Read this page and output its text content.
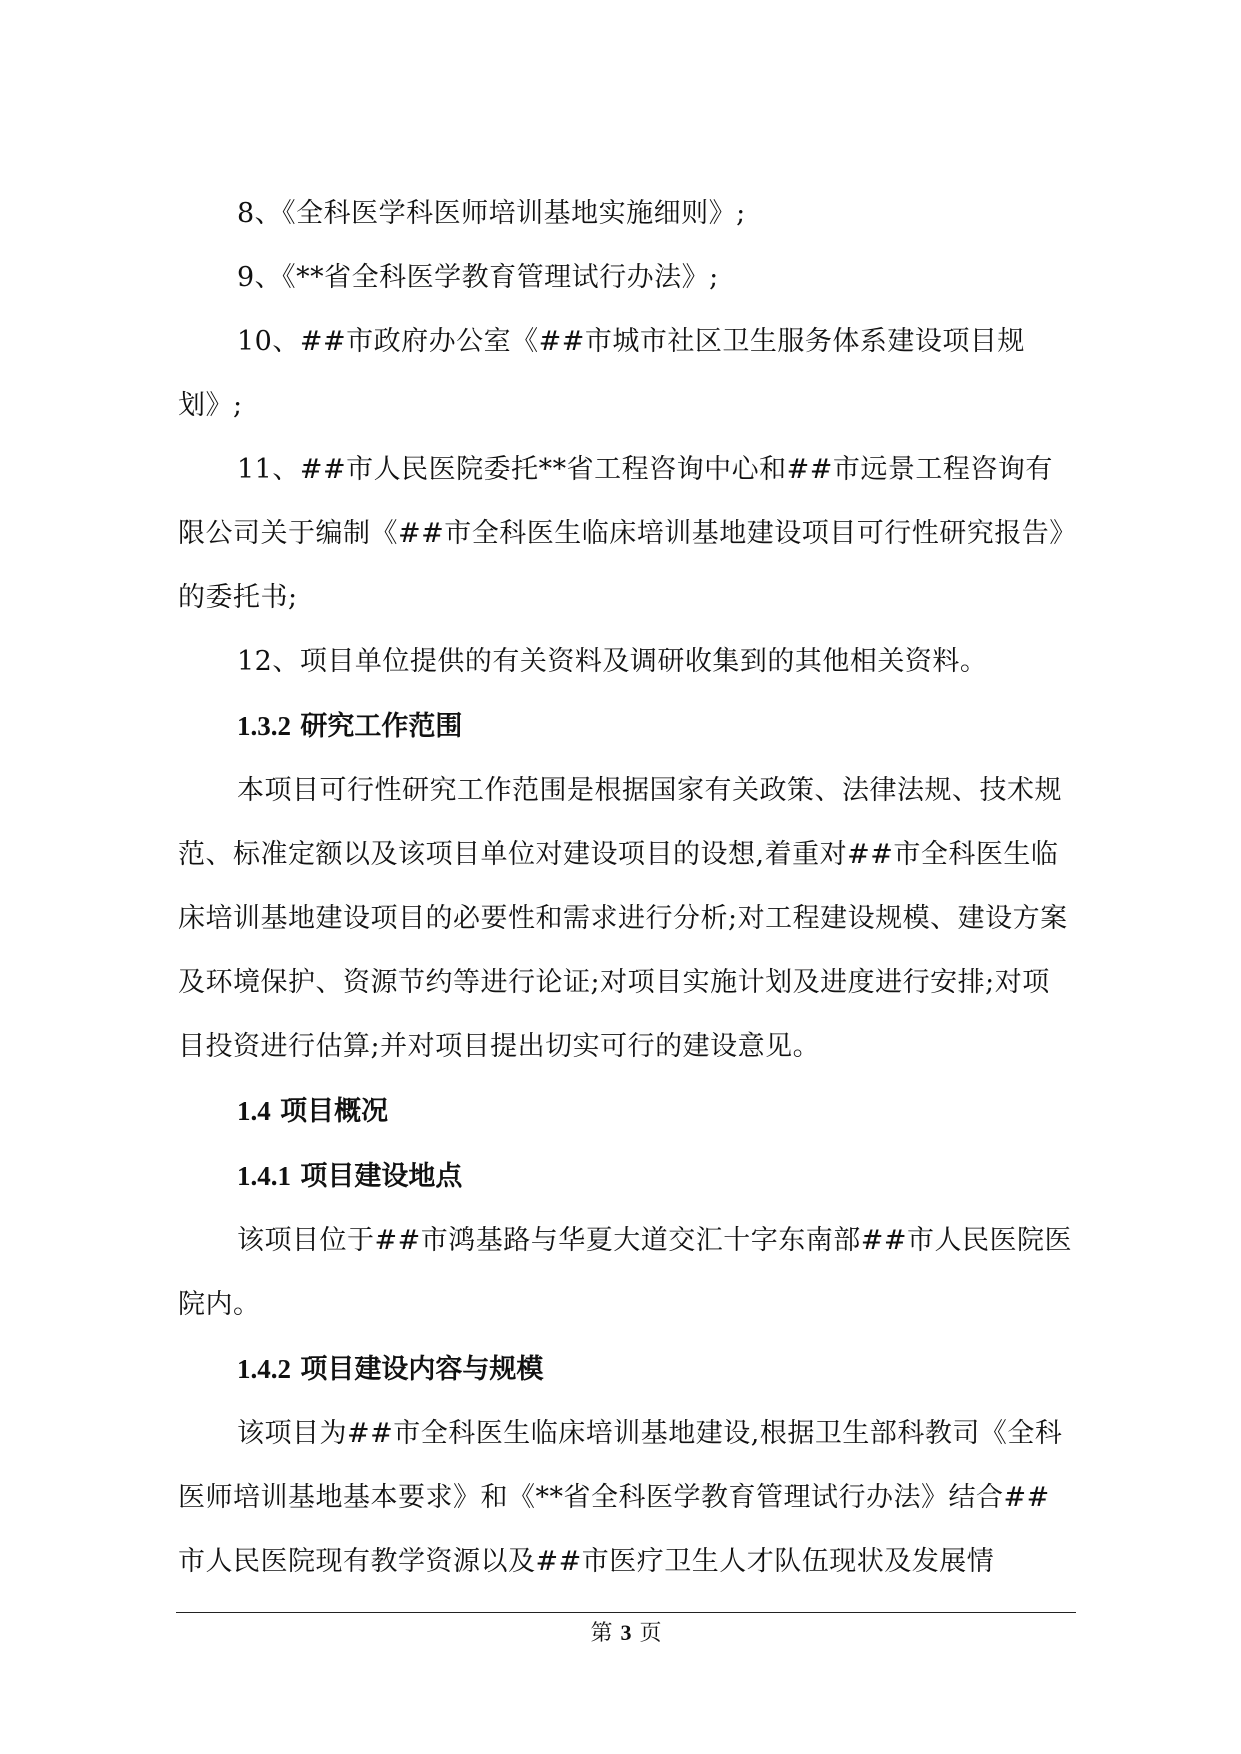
8、《全科医学科医师培训基地实施细则》;

9、《**省全科医学教育管理试行办法》;

10、##市政府办公室《##市城市社区卫生服务体系建设项目规划》;

11、##市人民医院委托**省工程咨询中心和##市远景工程咨询有限公司关于编制《##市全科医生临床培训基地建设项目可行性研究报告》的委托书;

12、项目单位提供的有关资料及调研收集到的其他相关资料。

1.3.2 研究工作范围

本项目可行性研究工作范围是根据国家有关政策、法律法规、技术规范、标准定额以及该项目单位对建设项目的设想,着重对##市全科医生临床培训基地建设项目的必要性和需求进行分析;对工程建设规模、建设方案及环境保护、资源节约等进行论证;对项目实施计划及进度进行安排;对项目投资进行估算;并对项目提出切实可行的建设意见。

1.4 项目概况
1.4.1 项目建设地点

该项目位于##市鸿基路与华夏大道交汇十字东南部##市人民医院医院内。

1.4.2 项目建设内容与规模

该项目为##市全科医生临床培训基地建设,根据卫生部科教司《全科医师培训基地基本要求》和《**省全科医学教育管理试行办法》结合##市人民医院现有教学资源以及##市医疗卫生人才队伍现状及发展情

第 3 页
